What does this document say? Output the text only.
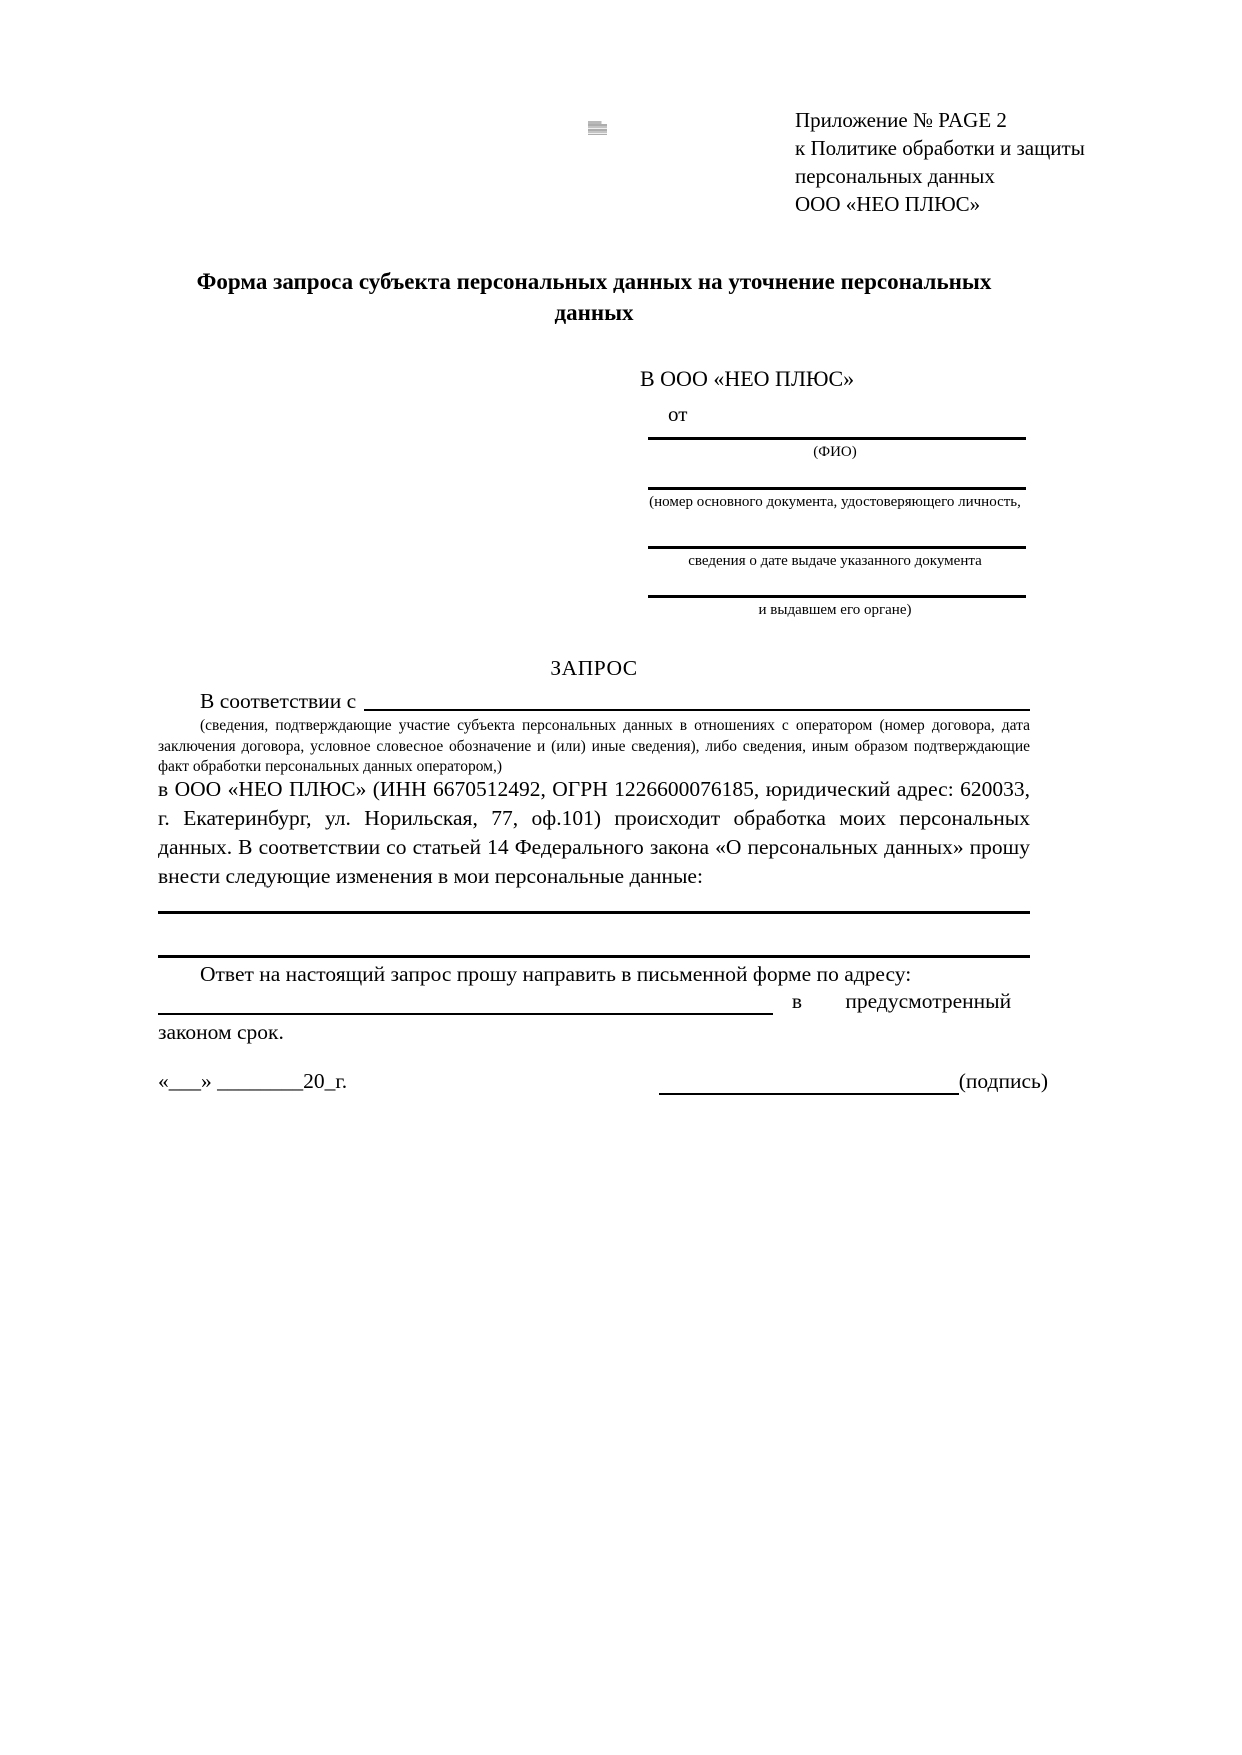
Приложение № PAGE 2
к Политике обработки и защиты
персональных данных
ООО «НЕО ПЛЮС»
Форма запроса субъекта персональных данных на уточнение персональных данных
В ООО «НЕО ПЛЮС»
от
(ФИО)
(номер основного документа, удостоверяющего личность,
сведения о дате выдаче указанного документа
и выдавшем его органе)
ЗАПРОС
В соответствии с

(сведения, подтверждающие участие субъекта персональных данных в отношениях с оператором (номер договора, дата заключения договора, условное словесное обозначение и (или) иные сведения), либо сведения, иным образом подтверждающие факт обработки персональных данных оператором,)

в ООО «НЕО ПЛЮС» (ИНН 6670512492, ОГРН 1226600076185, юридический адрес: 620033, г. Екатеринбург, ул. Норильская, 77, оф.101) происходит обработка моих персональных данных. В соответствии со статьей 14 Федерального закона «О персональных данных» прошу внести следующие изменения в мои персональные данные:

Ответ на настоящий запрос прошу направить в письменной форме по адресу:

в предусмотренный
законом срок.
«___» ________20_г.	(подпись)
